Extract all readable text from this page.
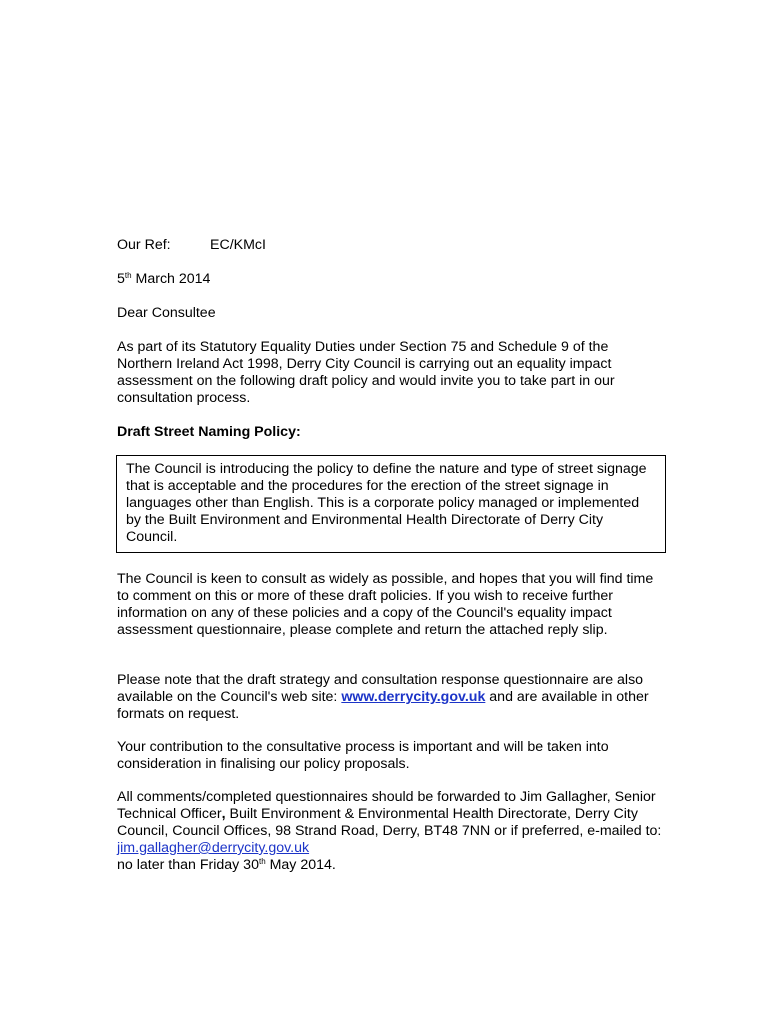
Our Ref:	EC/KMcI

5th March 2014

Dear Consultee

As part of its Statutory Equality Duties under Section 75 and Schedule 9 of the Northern Ireland Act 1998, Derry City Council is carrying out an equality impact assessment on the following draft policy and would invite you to take part in our consultation process.

Draft Street Naming Policy:

The Council is introducing the policy to define the nature and type of street signage that is acceptable and the procedures for the erection of the street signage in languages other than English. This is a corporate policy managed or implemented by the Built Environment and Environmental Health Directorate of Derry City Council.

The Council is keen to consult as widely as possible, and hopes that you will find time to comment on this or more of these draft policies. If you wish to receive further information on any of these policies and a copy of the Council's equality impact assessment questionnaire, please complete and return the attached reply slip.

Please note that the draft strategy and consultation response questionnaire are also available on the Council's web site: www.derrycity.gov.uk and are available in other formats on request.

Your contribution to the consultative process is important and will be taken into consideration in finalising our policy proposals.

All comments/completed questionnaires should be forwarded to Jim Gallagher, Senior Technical Officer, Built Environment & Environmental Health Directorate, Derry City Council, Council Offices, 98 Strand Road, Derry, BT48 7NN or if preferred, e-mailed to: jim.gallagher@derrycity.gov.uk
no later than Friday 30th May 2014.
